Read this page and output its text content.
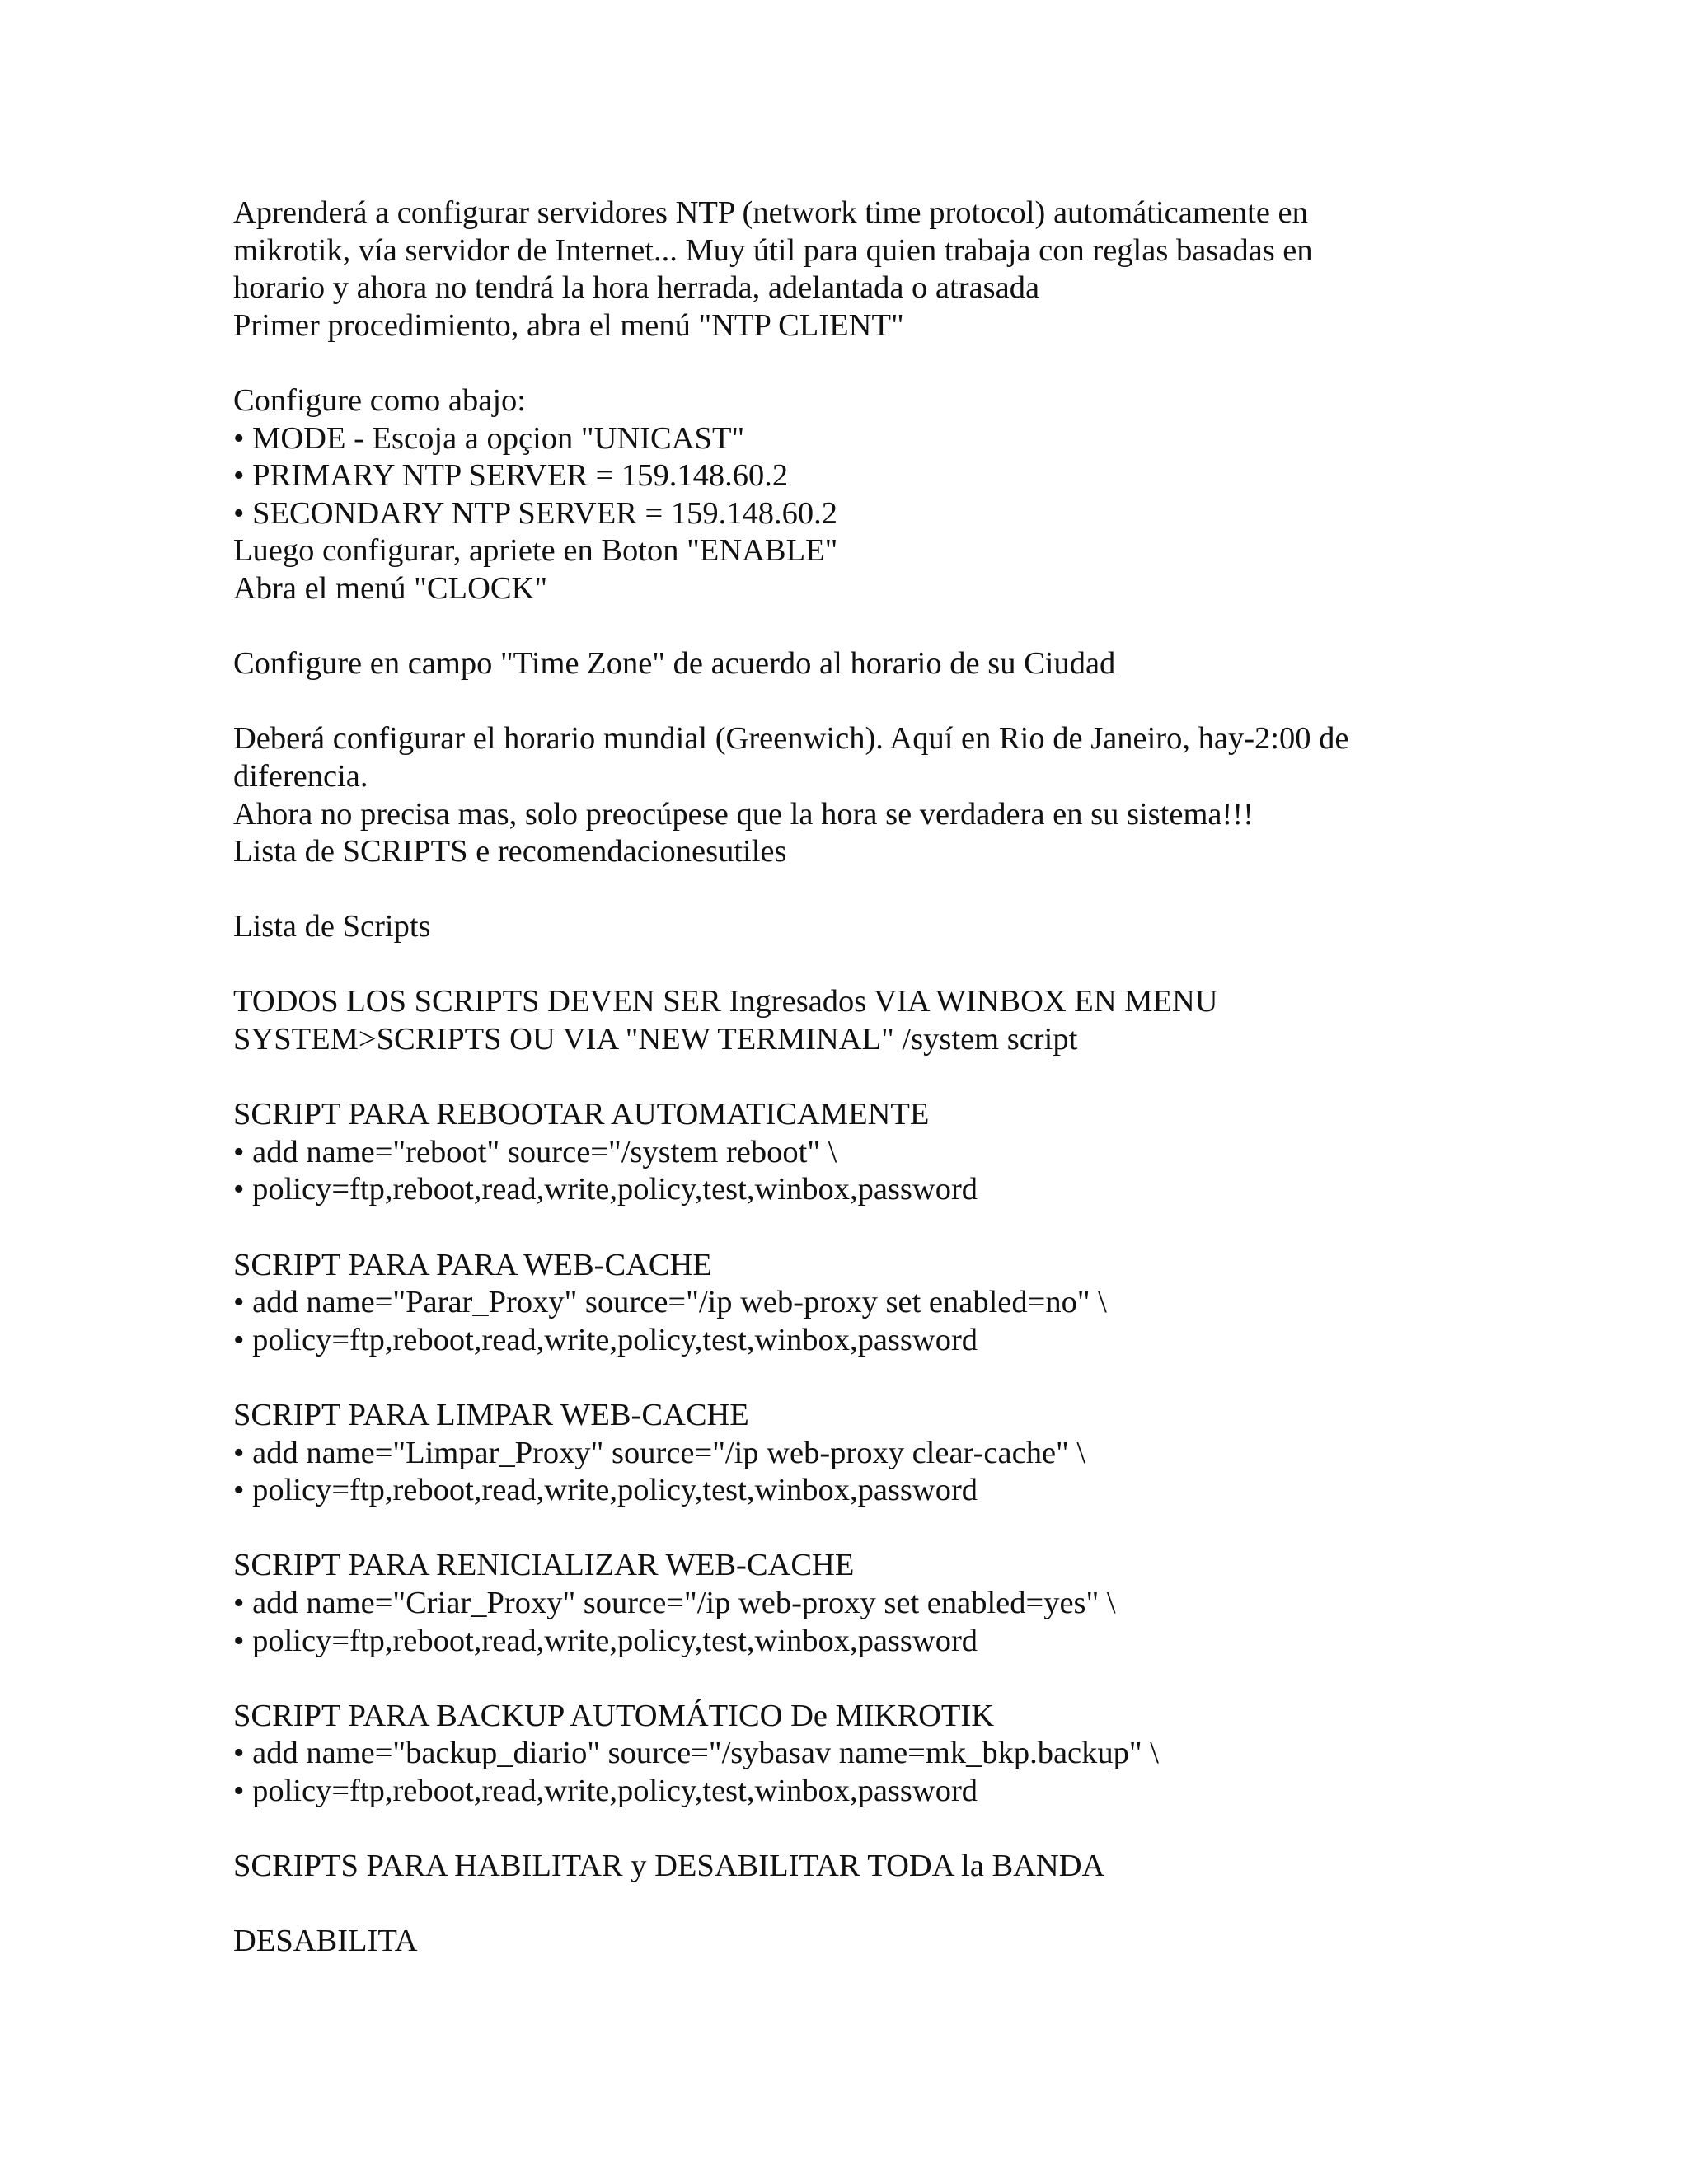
Aprenderá a configurar servidores NTP (network time protocol) automáticamente en
mikrotik, vía servidor de Internet... Muy útil para quien trabaja con reglas basadas en
horario y ahora no tendrá la hora herrada, adelantada o atrasada
Primer procedimiento, abra el menú "NTP CLIENT"
Configure como abajo:
• MODE - Escoja a opçion "UNICAST"
• PRIMARY NTP SERVER = 159.148.60.2
• SECONDARY NTP SERVER = 159.148.60.2
Luego configurar, apriete en Boton "ENABLE"
Abra el menú "CLOCK"
Configure en campo "Time Zone" de acuerdo al horario de su Ciudad
Deberá configurar el horario mundial (Greenwich). Aquí en Rio de Janeiro, hay-2:00 de
diferencia.
Ahora no precisa mas, solo preocúpese que la hora se verdadera en su sistema!!!
Lista de SCRIPTS e recomendacionesutiles
Lista de Scripts
TODOS LOS SCRIPTS DEVEN SER Ingresados VIA WINBOX EN MENU
SYSTEM>SCRIPTS OU VIA "NEW TERMINAL" /system script
SCRIPT PARA REBOOTAR AUTOMATICAMENTE
• add name="reboot" source="/system reboot" \
• policy=ftp,reboot,read,write,policy,test,winbox,password
SCRIPT PARA PARA WEB-CACHE
• add name="Parar_Proxy" source="/ip web-proxy set enabled=no" \
• policy=ftp,reboot,read,write,policy,test,winbox,password
SCRIPT PARA LIMPAR WEB-CACHE
• add name="Limpar_Proxy" source="/ip web-proxy clear-cache" \
• policy=ftp,reboot,read,write,policy,test,winbox,password
SCRIPT PARA RENICIALIZAR WEB-CACHE
• add name="Criar_Proxy" source="/ip web-proxy set enabled=yes" \
• policy=ftp,reboot,read,write,policy,test,winbox,password
SCRIPT PARA BACKUP AUTOMÁTICO De MIKROTIK
• add name="backup_diario" source="/sybasav name=mk_bkp.backup" \
• policy=ftp,reboot,read,write,policy,test,winbox,password
SCRIPTS PARA HABILITAR y DESABILITAR TODA la BANDA
DESABILITA
